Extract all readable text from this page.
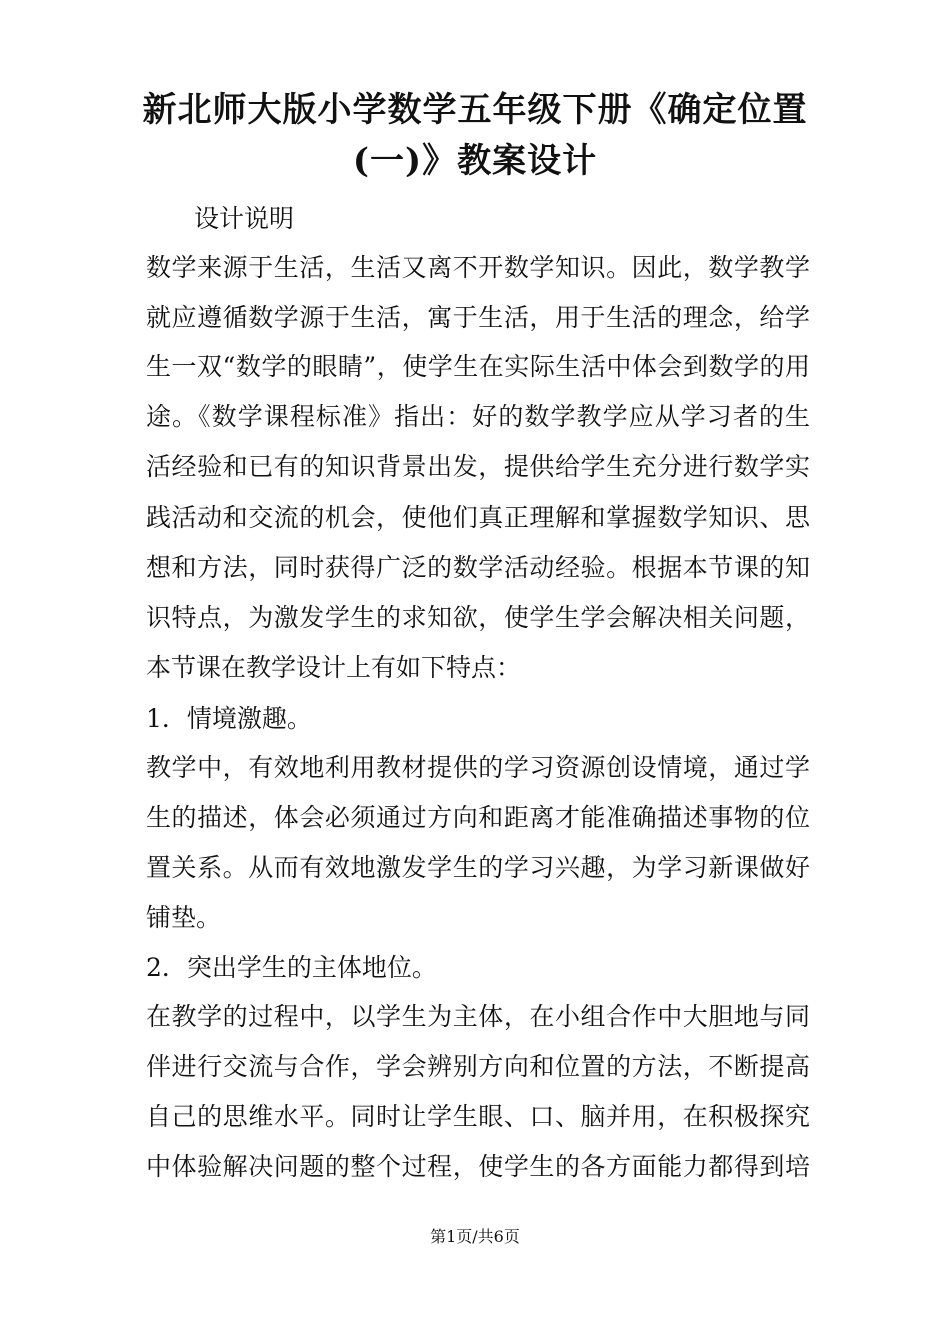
新北师大版小学数学五年级下册《确定位置
(一)》教案设计
设计说明
数学来源于生活，生活又离不开数学知识。因此，数学教学
就应遵循数学源于生活，寓于生活，用于生活的理念，给学
生一双“数学的眼睛”，使学生在实际生活中体会到数学的用
途。《数学课程标准》指出：好的数学教学应从学习者的生
活经验和已有的知识背景出发，提供给学生充分进行数学实
践活动和交流的机会，使他们真正理解和掌握数学知识、思
想和方法，同时获得广泛的数学活动经验。根据本节课的知
识特点，为激发学生的求知欲，使学生学会解决相关问题，
本节课在教学设计上有如下特点：
1．情境激趣。
教学中，有效地利用教材提供的学习资源创设情境，通过学
生的描述，体会必须通过方向和距离才能准确描述事物的位
置关系。从而有效地激发学生的学习兴趣，为学习新课做好
铺垫。
2．突出学生的主体地位。
在教学的过程中，以学生为主体，在小组合作中大胆地与同
伴进行交流与合作，学会辨别方向和位置的方法，不断提高
自己的思维水平。同时让学生眼、口、脑并用，在积极探究
中体验解决问题的整个过程，使学生的各方面能力都得到培
第1页/共6页
